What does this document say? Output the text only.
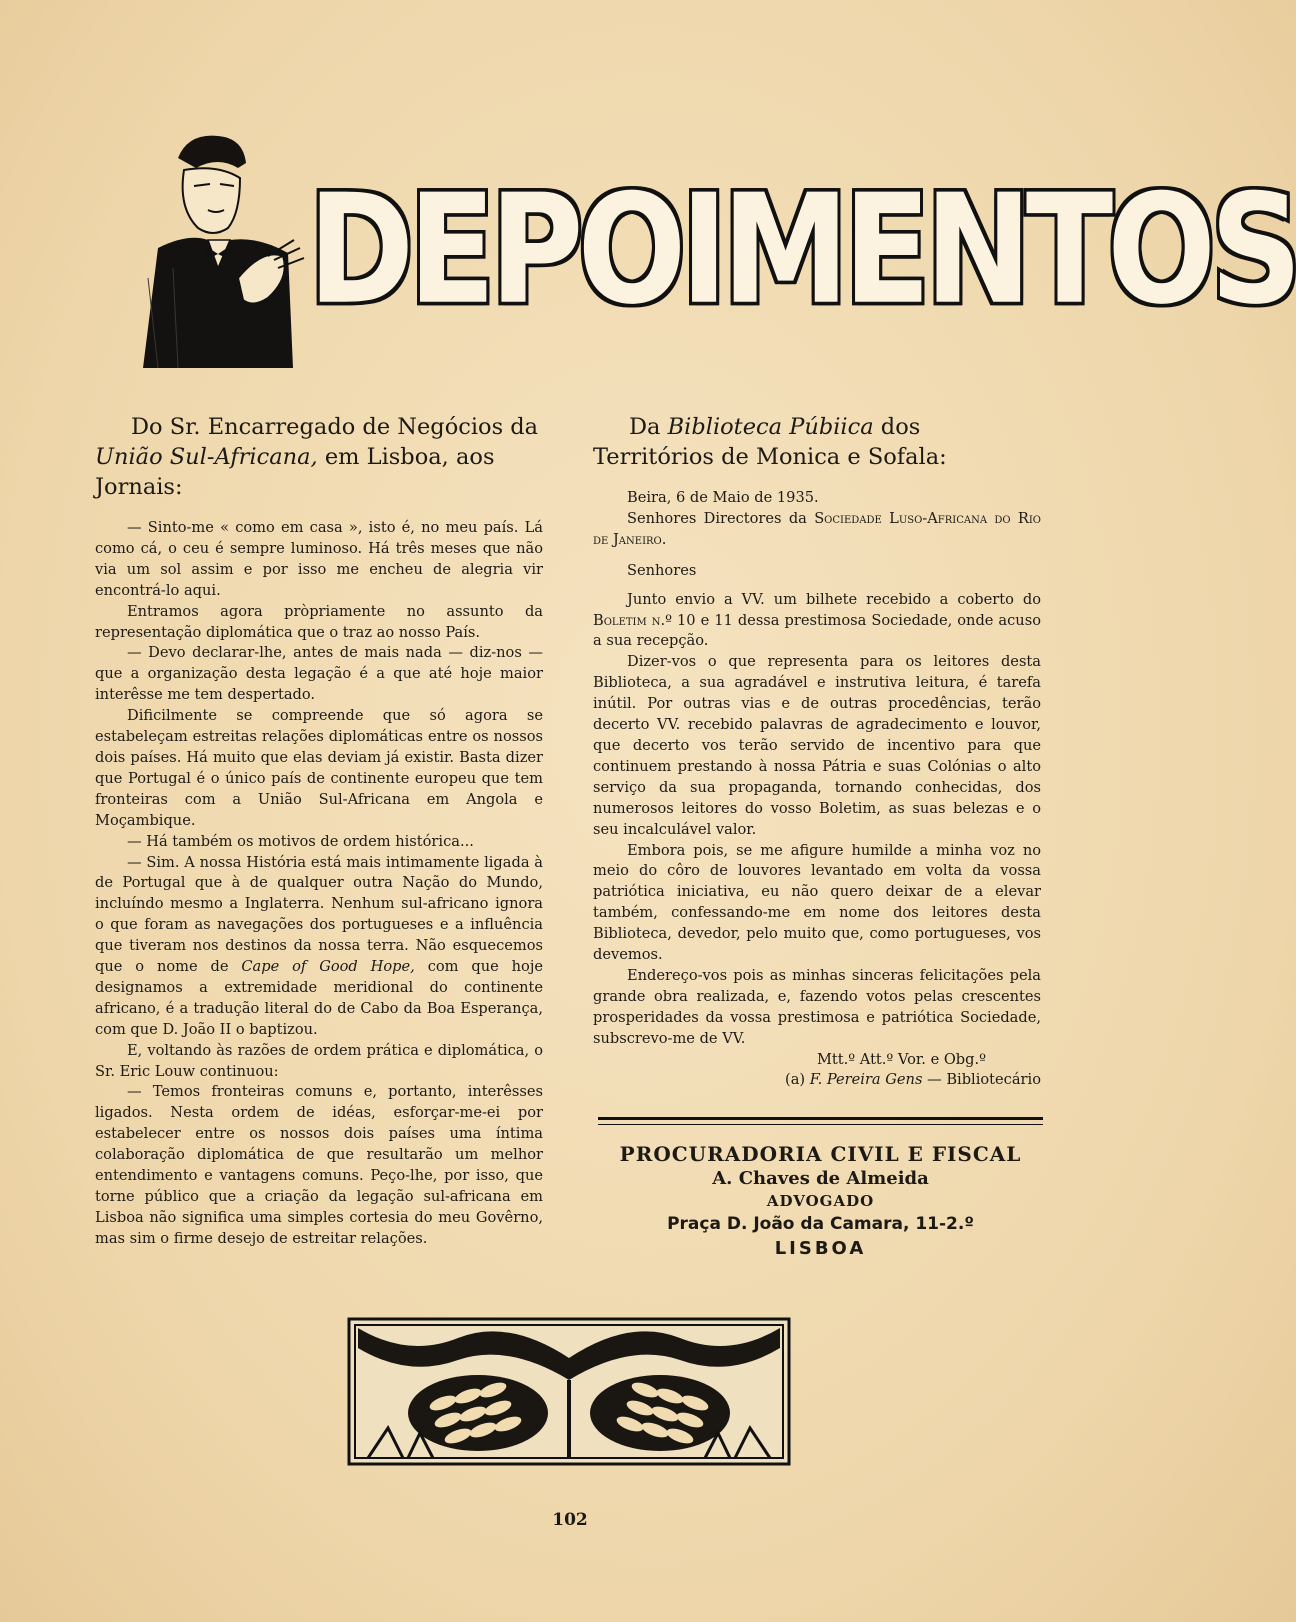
DEPOIMENTOS

Do Sr. Encarregado de Negócios da União Sul-Africana, em Lisboa, aos Jornais:

— Sinto-me « como em casa », isto é, no meu país. Lá como cá, o ceu é sempre luminoso. Há três meses que não via um sol assim e por isso me encheu de alegria vir encontrá-lo aqui.

Entramos agora pròpriamente no assunto da representação diplomática que o traz ao nosso País.

— Devo declarar-lhe, antes de mais nada — diz-nos — que a organização desta legação é a que até hoje maior interêsse me tem despertado.

Dificilmente se compreende que só agora se estabeleçam estreitas relações diplomáticas entre os nossos dois países. Há muito que elas deviam já existir. Basta dizer que Portugal é o único país de continente europeu que tem fronteiras com a União Sul-Africana em Angola e Moçambique.

— Há também os motivos de ordem histórica...

— Sim. A nossa História está mais intimamente ligada à de Portugal que à de qualquer outra Nação do Mundo, incluíndo mesmo a Inglaterra. Nenhum sul-africano ignora o que foram as navegações dos portugueses e a influência que tiveram nos destinos da nossa terra. Não esquecemos que o nome de Cape of Good Hope, com que hoje designamos a extremidade meridional do continente africano, é a tradução literal do de Cabo da Boa Esperança, com que D. João II o baptizou.

E, voltando às razões de ordem prática e diplomática, o Sr. Eric Louw continuou:

— Temos fronteiras comuns e, portanto, interêsses ligados. Nesta ordem de idéas, esforçar-me-ei por estabelecer entre os nossos dois países uma íntima colaboração diplomática de que resultarão um melhor entendimento e vantagens comuns. Peço-lhe, por isso, que torne público que a criação da legação sul-africana em Lisboa não significa uma simples cortesia do meu Govêrno, mas sim o firme desejo de estreitar relações.

Da Biblioteca Púbiica dos Territórios de Monica e Sofala:

Beira, 6 de Maio de 1935.

Senhores Directores da Sociedade Luso-Africana do Rio de Janeiro.

Senhores

Junto envio a VV. um bilhete recebido a coberto do Boletim n.º 10 e 11 dessa prestimosa Sociedade, onde acuso a sua recepção.

Dizer-vos o que representa para os leitores desta Biblioteca, a sua agradável e instrutiva leitura, é tarefa inútil. Por outras vias e de outras procedências, terão decerto VV. recebido palavras de agradecimento e louvor, que decerto vos terão servido de incentivo para que continuem prestando à nossa Pátria e suas Colónias o alto serviço da sua propaganda, tornando conhecidas, dos numerosos leitores do vosso Boletim, as suas belezas e o seu incalculável valor.

Embora pois, se me afigure humilde a minha voz no meio do côro de louvores levantado em volta da vossa patriótica iniciativa, eu não quero deixar de a elevar também, confessando-me em nome dos leitores desta Biblioteca, devedor, pelo muito que, como portugueses, vos devemos.

Endereço-vos pois as minhas sinceras felicitações pela grande obra realizada, e, fazendo votos pelas crescentes prosperidades da vossa prestimosa e patriótica Sociedade, subscrevo-me de VV.

Mtt.º Att.º Vor. e Obg.º

(a) F. Pereira Gens — Bibliotecário

PROCURADORIA CIVIL E FISCAL
A. Chaves de Almeida
ADVOGADO
Praça D. João da Camara, 11-2.º
LISBOA
102
